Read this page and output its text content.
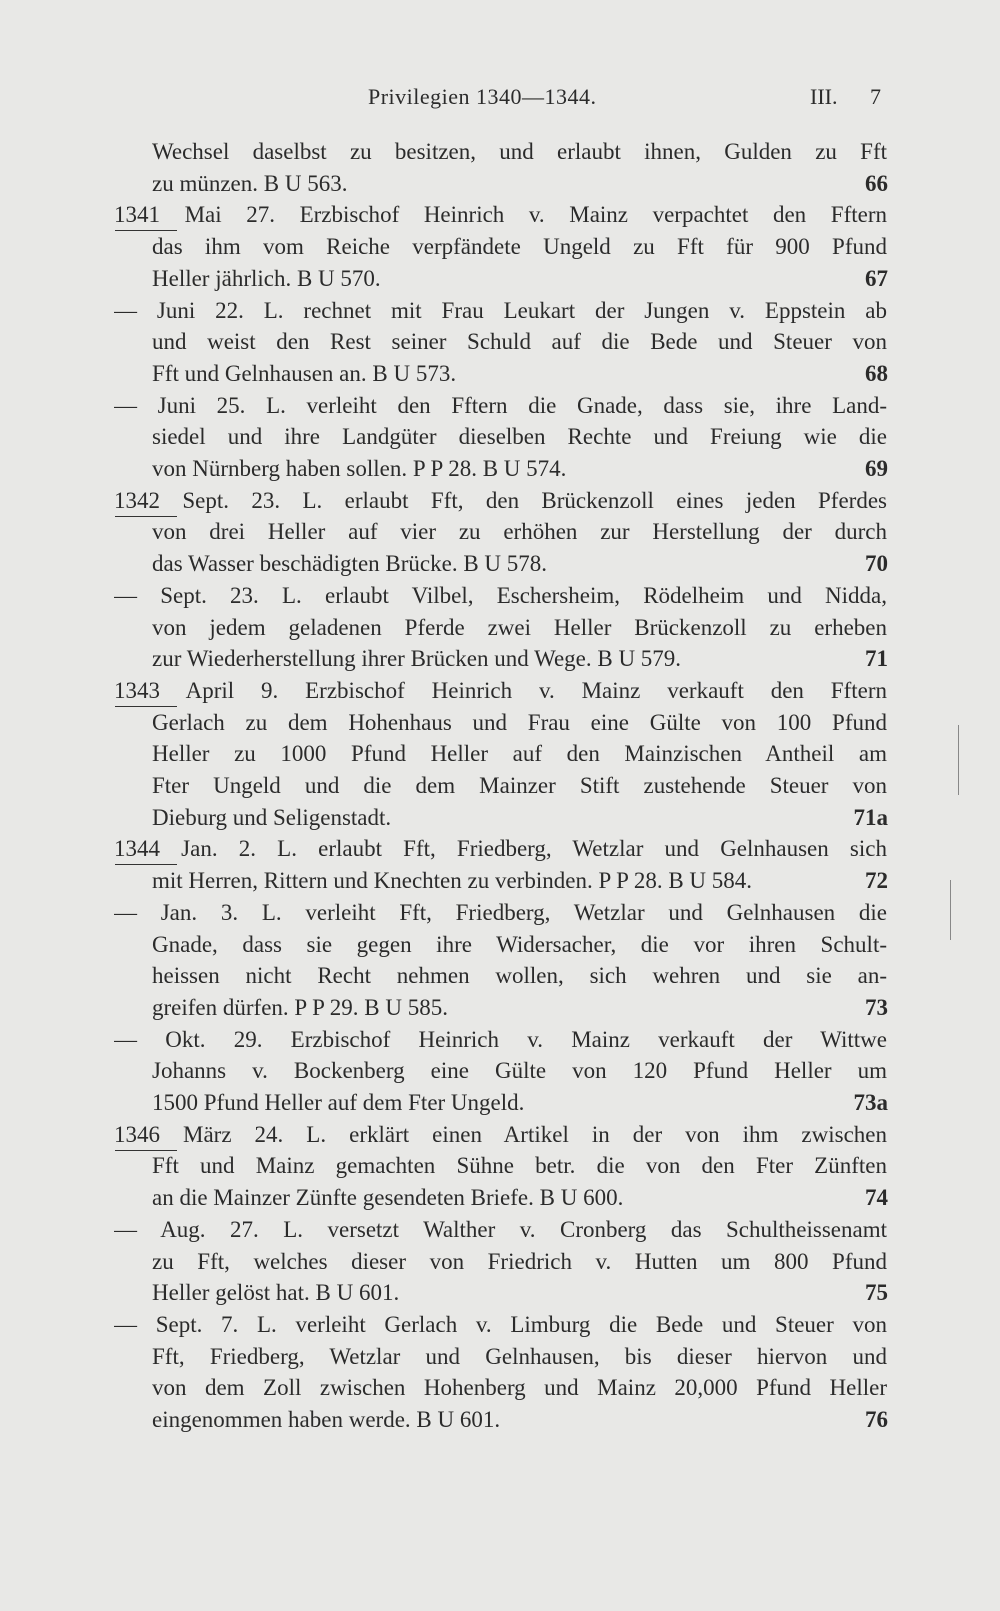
Privilegien 1340—1344.	III. 7
Wechsel daselbst zu besitzen, und erlaubt ihnen, Gulden zu Fft
zu münzen. B U 563.	66
1341 Mai 27. Erzbischof Heinrich v. Mainz verpachtet den Fftern
das ihm vom Reiche verpfändete Ungeld zu Fft für 900 Pfund
Heller jährlich. B U 570.	67
— Juni 22. L. rechnet mit Frau Leukart der Jungen v. Eppstein ab
und weist den Rest seiner Schuld auf die Bede und Steuer von
Fft und Gelnhausen an. B U 573.	68
— Juni 25. L. verleiht den Fftern die Gnade, dass sie, ihre Land-
siedel und ihre Landgüter dieselben Rechte und Freiung wie die
von Nürnberg haben sollen. P P 28. B U 574.	69
1342 Sept. 23. L. erlaubt Fft, den Brückenzoll eines jeden Pferdes
von drei Heller auf vier zu erhöhen zur Herstellung der durch
das Wasser beschädigten Brücke. B U 578.	70
— Sept. 23. L. erlaubt Vilbel, Eschersheim, Rödelheim und Nidda,
von jedem geladenen Pferde zwei Heller Brückenzoll zu erheben
zur Wiederherstellung ihrer Brücken und Wege. B U 579.	71
1343 April 9. Erzbischof Heinrich v. Mainz verkauft den Fftern
Gerlach zu dem Hohenhaus und Frau eine Gülte von 100 Pfund
Heller zu 1000 Pfund Heller auf den Mainzischen Antheil am
Fter Ungeld und die dem Mainzer Stift zustehende Steuer von
Dieburg und Seligenstadt.	71a
1344 Jan. 2. L. erlaubt Fft, Friedberg, Wetzlar und Gelnhausen sich
mit Herren, Rittern und Knechten zu verbinden. P P 28. B U 584.	72
— Jan. 3. L. verleiht Fft, Friedberg, Wetzlar und Gelnhausen die
Gnade, dass sie gegen ihre Widersacher, die vor ihren Schult-
heissen nicht Recht nehmen wollen, sich wehren und sie an-
greifen dürfen. P P 29. B U 585.	73
— Okt. 29. Erzbischof Heinrich v. Mainz verkauft der Wittwe
Johanns v. Bockenberg eine Gülte von 120 Pfund Heller um
1500 Pfund Heller auf dem Fter Ungeld.	73a
1346 März 24. L. erklärt einen Artikel in der von ihm zwischen
Fft und Mainz gemachten Sühne betr. die von den Fter Zünften
an die Mainzer Zünfte gesendeten Briefe. B U 600.	74
— Aug. 27. L. versetzt Walther v. Cronberg das Schultheissenamt
zu Fft, welches dieser von Friedrich v. Hutten um 800 Pfund
Heller gelöst hat. B U 601.	75
— Sept. 7. L. verleiht Gerlach v. Limburg die Bede und Steuer von
Fft, Friedberg, Wetzlar und Gelnhausen, bis dieser hiervon und
von dem Zoll zwischen Hohenberg und Mainz 20,000 Pfund Heller
eingenommen haben werde. B U 601.	76
